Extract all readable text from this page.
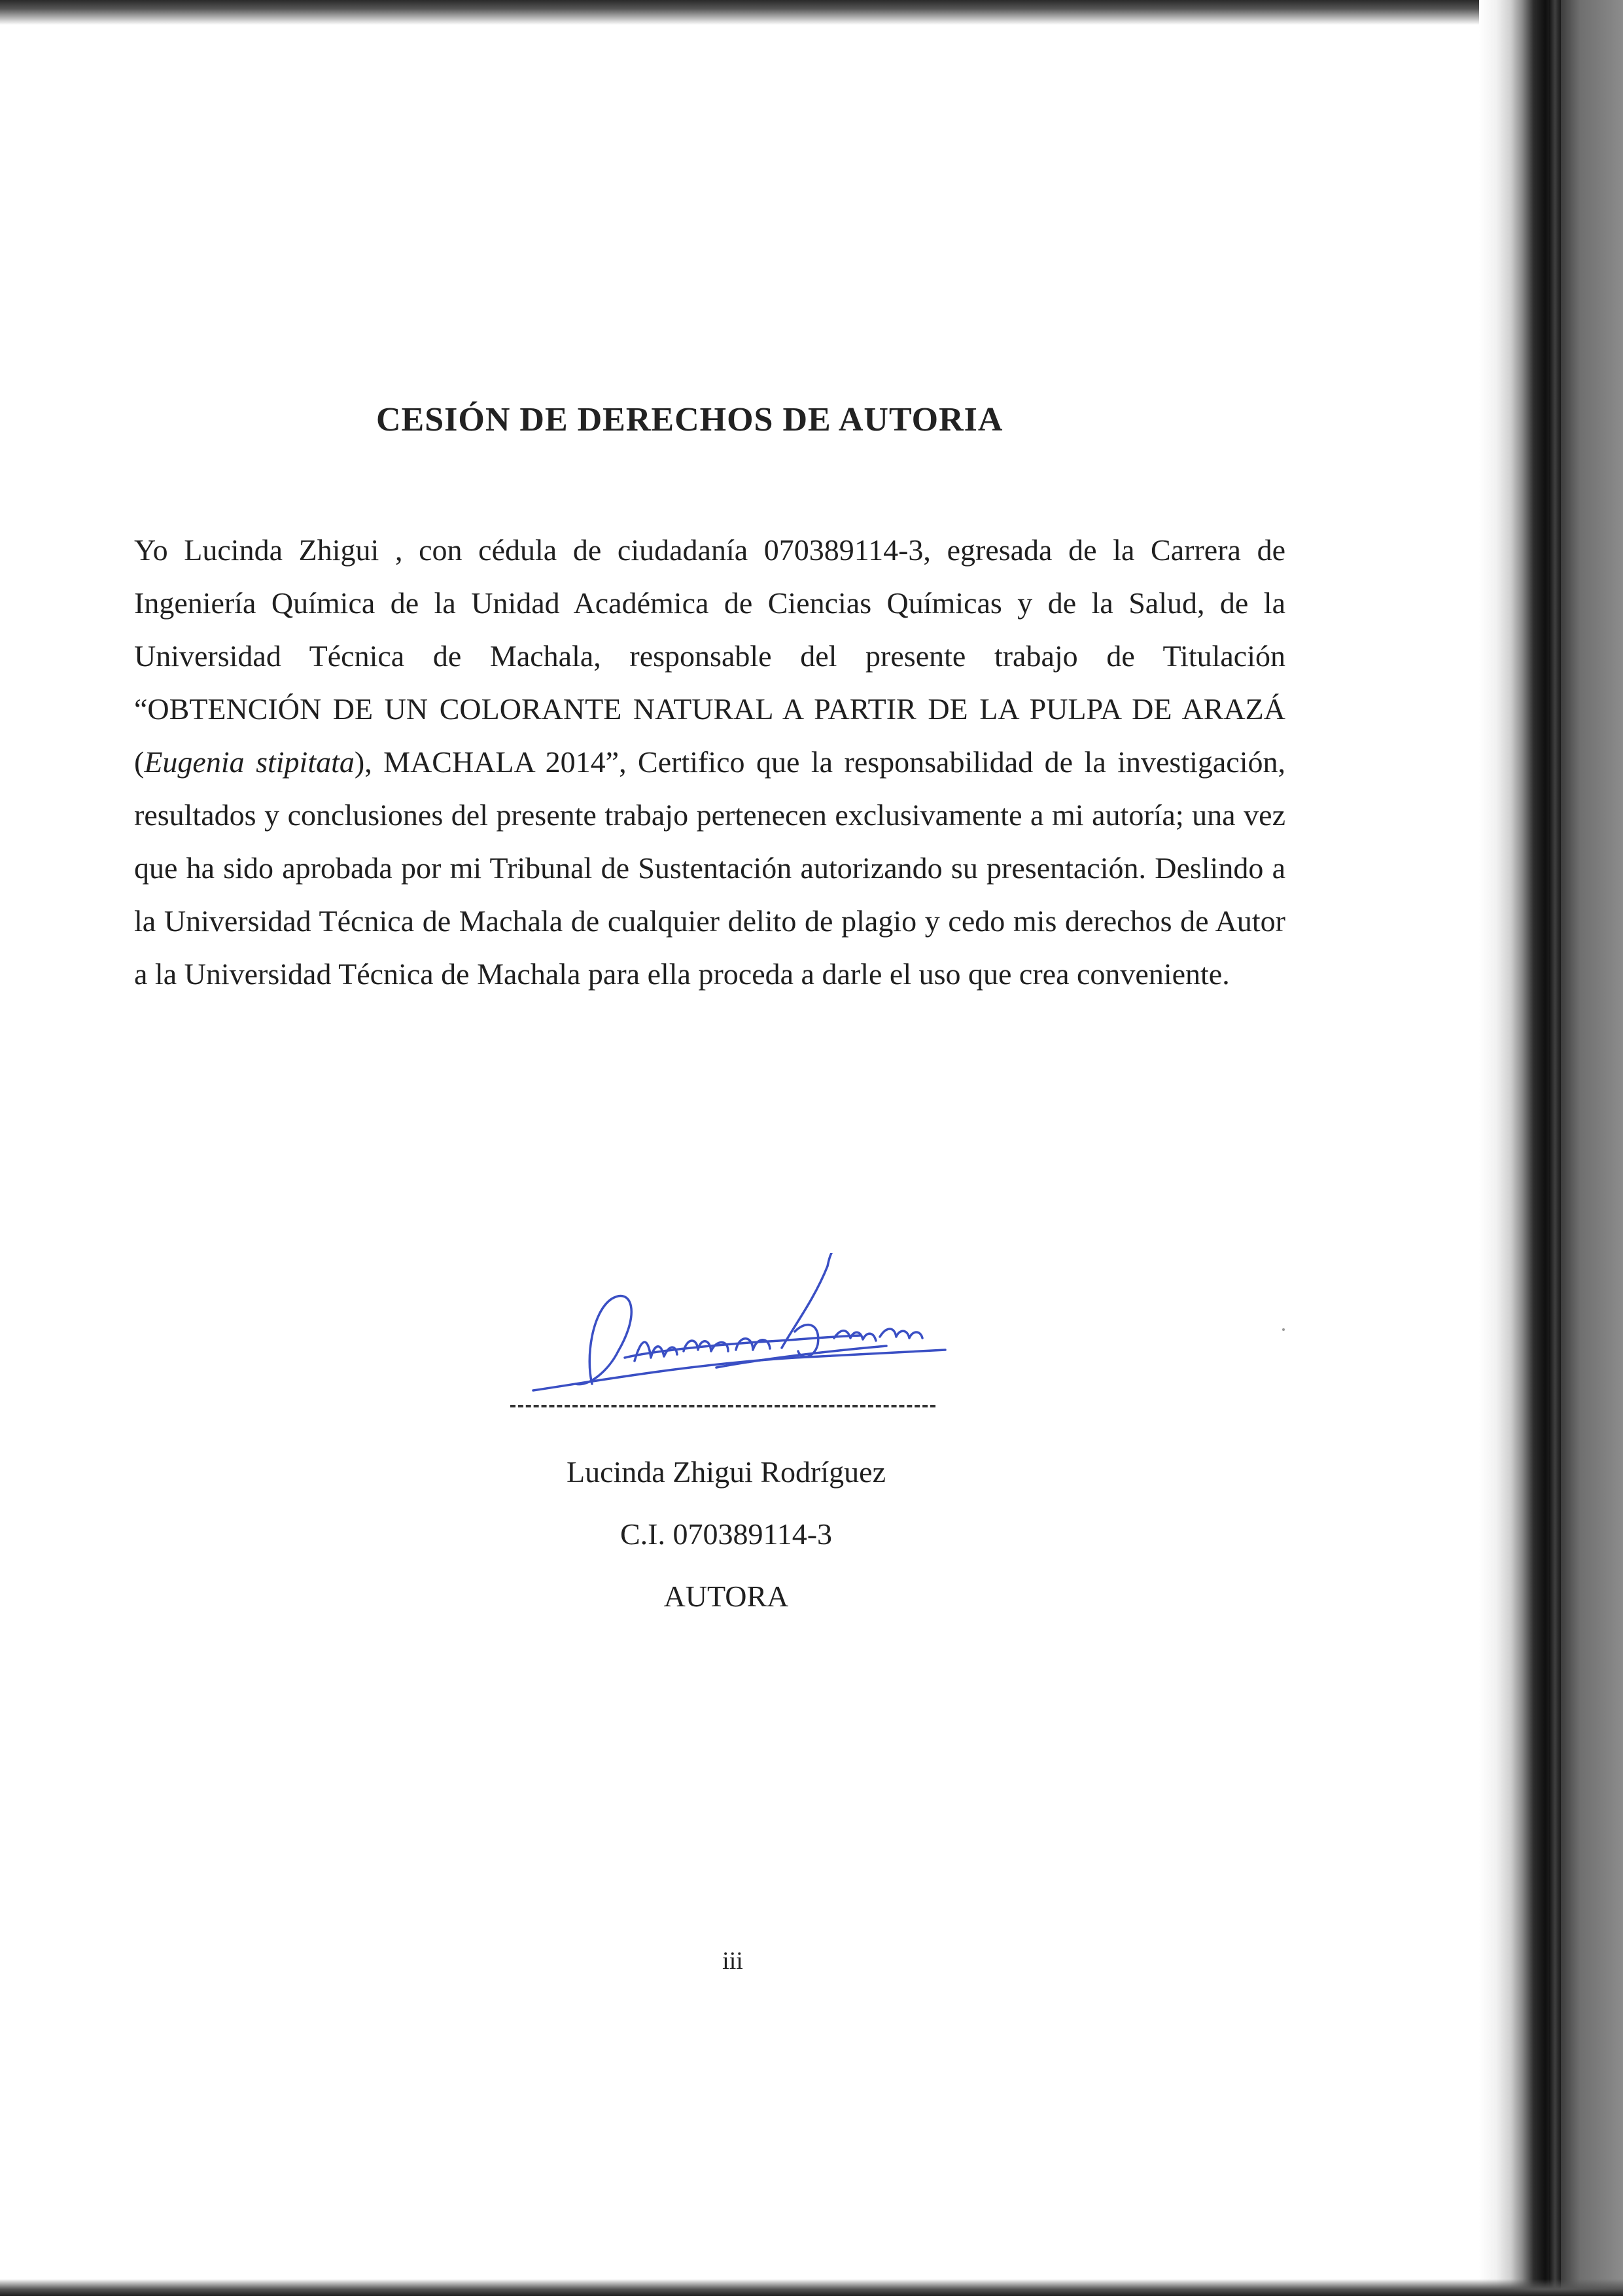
CESIÓN DE DERECHOS DE AUTORIA
Yo Lucinda Zhigui , con cédula de ciudadanía 070389114-3, egresada de la Carrera de Ingeniería Química de la Unidad Académica de Ciencias Químicas y de la Salud, de la Universidad Técnica de Machala, responsable del presente trabajo de Titulación “OBTENCIÓN DE UN COLORANTE NATURAL A PARTIR DE LA PULPA DE ARAZÁ (Eugenia stipitata), MACHALA 2014”, Certifico que la responsabilidad de la investigación, resultados y conclusiones del presente trabajo pertenecen exclusivamente a mi autoría; una vez que ha sido aprobada por mi Tribunal de Sustentación autorizando su presentación. Deslindo a la Universidad Técnica de Machala de cualquier delito de plagio y cedo mis derechos de Autor a la Universidad Técnica de Machala para ella proceda a darle el uso que crea conveniente.
Lucinda Zhigui Rodríguez
C.I. 070389114-3
AUTORA
iii
